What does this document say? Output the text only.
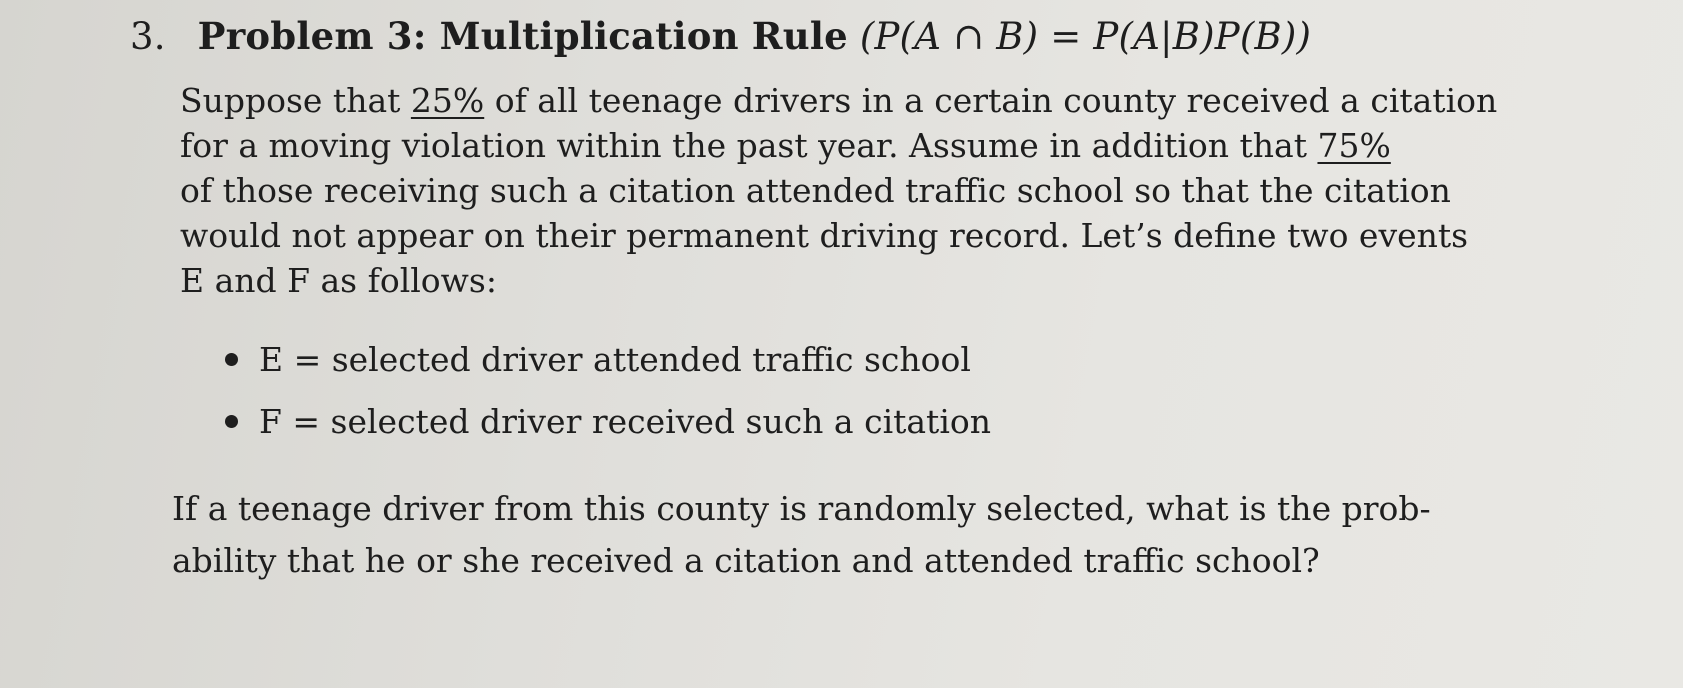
3. Problem 3: Multiplication Rule (P(A ∩ B) = P(A|B)P(B))
Suppose that 25% of all teenage drivers in a certain county received a citation
for a moving violation within the past year. Assume in addition that 75%
of those receiving such a citation attended traffic school so that the citation
would not appear on their permanent driving record. Let’s define two events
E and F as follows:
E = selected driver attended traffic school
F = selected driver received such a citation
If a teenage driver from this county is randomly selected, what is the prob-
ability that he or she received a citation and attended traffic school?
